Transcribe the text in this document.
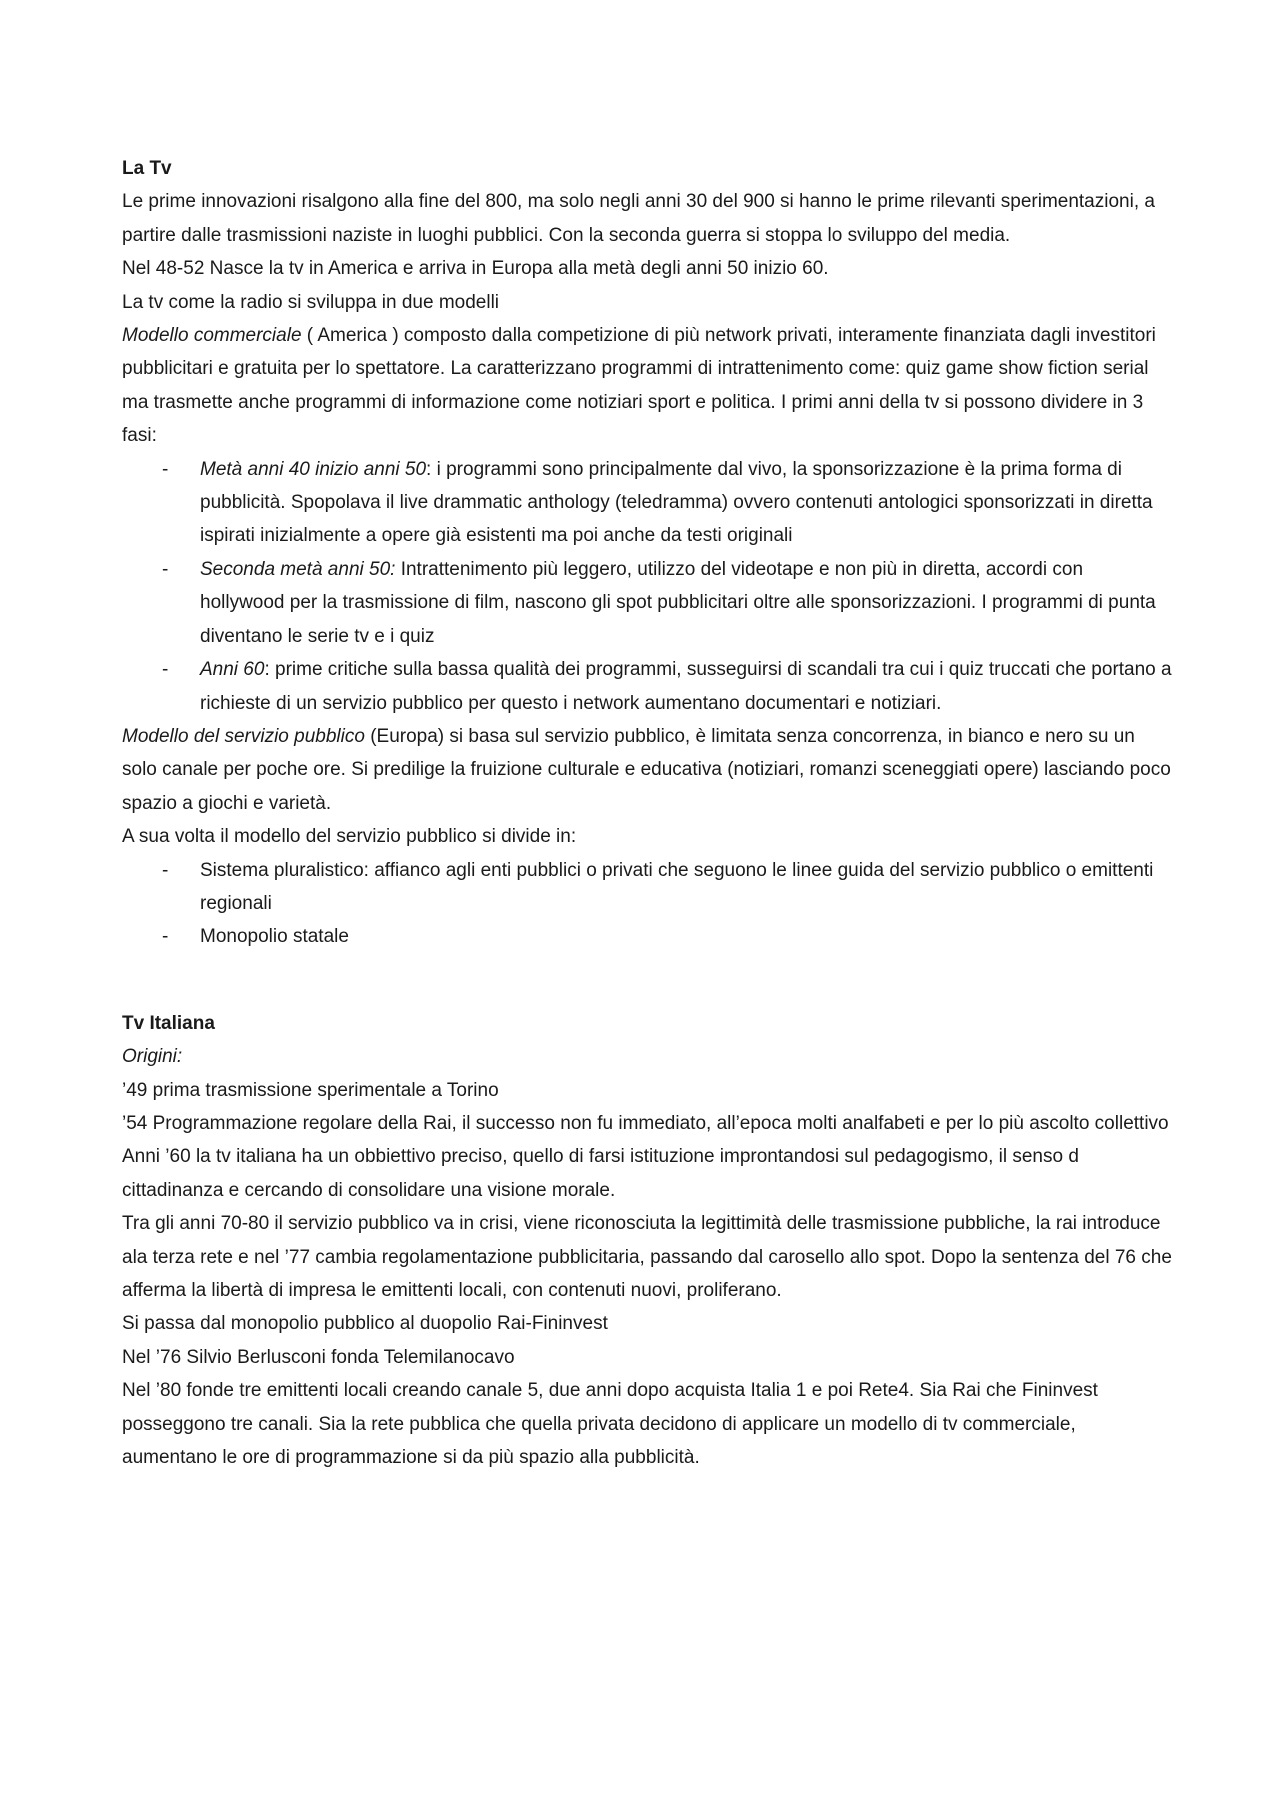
La Tv

Le prime innovazioni risalgono alla fine del 800, ma solo negli anni 30 del 900 si hanno le prime rilevanti sperimentazioni, a partire dalle trasmissioni naziste in luoghi pubblici. Con la seconda guerra si stoppa lo sviluppo del media.

Nel 48-52 Nasce la tv in America e arriva in Europa alla metà degli anni 50 inizio 60.

La tv come la radio si sviluppa in due modelli

Modello commerciale ( America ) composto dalla competizione di più network privati, interamente finanziata dagli investitori pubblicitari e gratuita per lo spettatore. La caratterizzano programmi di intrattenimento come: quiz game show fiction serial ma trasmette anche programmi di informazione come notiziari sport e politica. I primi anni della tv si possono dividere in 3 fasi:

- Metà anni 40 inizio anni 50: i programmi sono principalmente dal vivo, la sponsorizzazione è la prima forma di pubblicità. Spopolava il live drammatic anthology (teledramma) ovvero contenuti antologici sponsorizzati in diretta ispirati inizialmente a opere già esistenti ma poi anche da testi originali
- Seconda metà anni 50: Intrattenimento più leggero, utilizzo del videotape e non più in diretta, accordi con hollywood per la trasmissione di film, nascono gli spot pubblicitari oltre alle sponsorizzazioni. I programmi di punta diventano le serie tv e i quiz
- Anni 60: prime critiche sulla bassa qualità dei programmi, susseguirsi di scandali tra cui i quiz truccati che portano a richieste di un servizio pubblico per questo i network aumentano documentari e notiziari.

Modello del servizio pubblico (Europa) si basa sul servizio pubblico, è limitata senza concorrenza, in bianco e nero su un solo canale per poche ore. Si predilige la fruizione culturale e educativa (notiziari, romanzi sceneggiati opere) lasciando poco spazio a giochi e varietà.

A sua volta il modello del servizio pubblico si divide in:

- Sistema pluralistico: affianco agli enti pubblici o privati che seguono le linee guida del servizio pubblico o emittenti regionali
- Monopolio statale

Tv Italiana

Origini:

’49 prima trasmissione sperimentale a Torino

’54 Programmazione regolare della Rai, il successo non fu immediato, all’epoca molti analfabeti e per lo più ascolto collettivo

Anni ’60 la tv italiana ha un obbiettivo preciso, quello di farsi istituzione improntandosi sul pedagogismo, il senso d cittadinanza e cercando di consolidare una visione morale.

Tra gli anni 70-80 il servizio pubblico va in crisi, viene riconosciuta la legittimità delle trasmissione pubbliche, la rai introduce ala terza rete e nel ’77 cambia regolamentazione pubblicitaria, passando dal carosello allo spot. Dopo la sentenza del 76 che afferma la libertà di impresa le emittenti locali, con contenuti nuovi, proliferano.

Si passa dal monopolio pubblico al duopolio Rai-Fininvest

Nel ’76 Silvio Berlusconi fonda Telemilanocavo

Nel ’80 fonde tre emittenti locali creando canale 5, due anni dopo acquista Italia 1 e poi Rete4. Sia Rai che Fininvest posseggono tre canali. Sia la rete pubblica che quella privata decidono di applicare un modello di tv commerciale, aumentano le ore di programmazione si da più spazio alla pubblicità.
